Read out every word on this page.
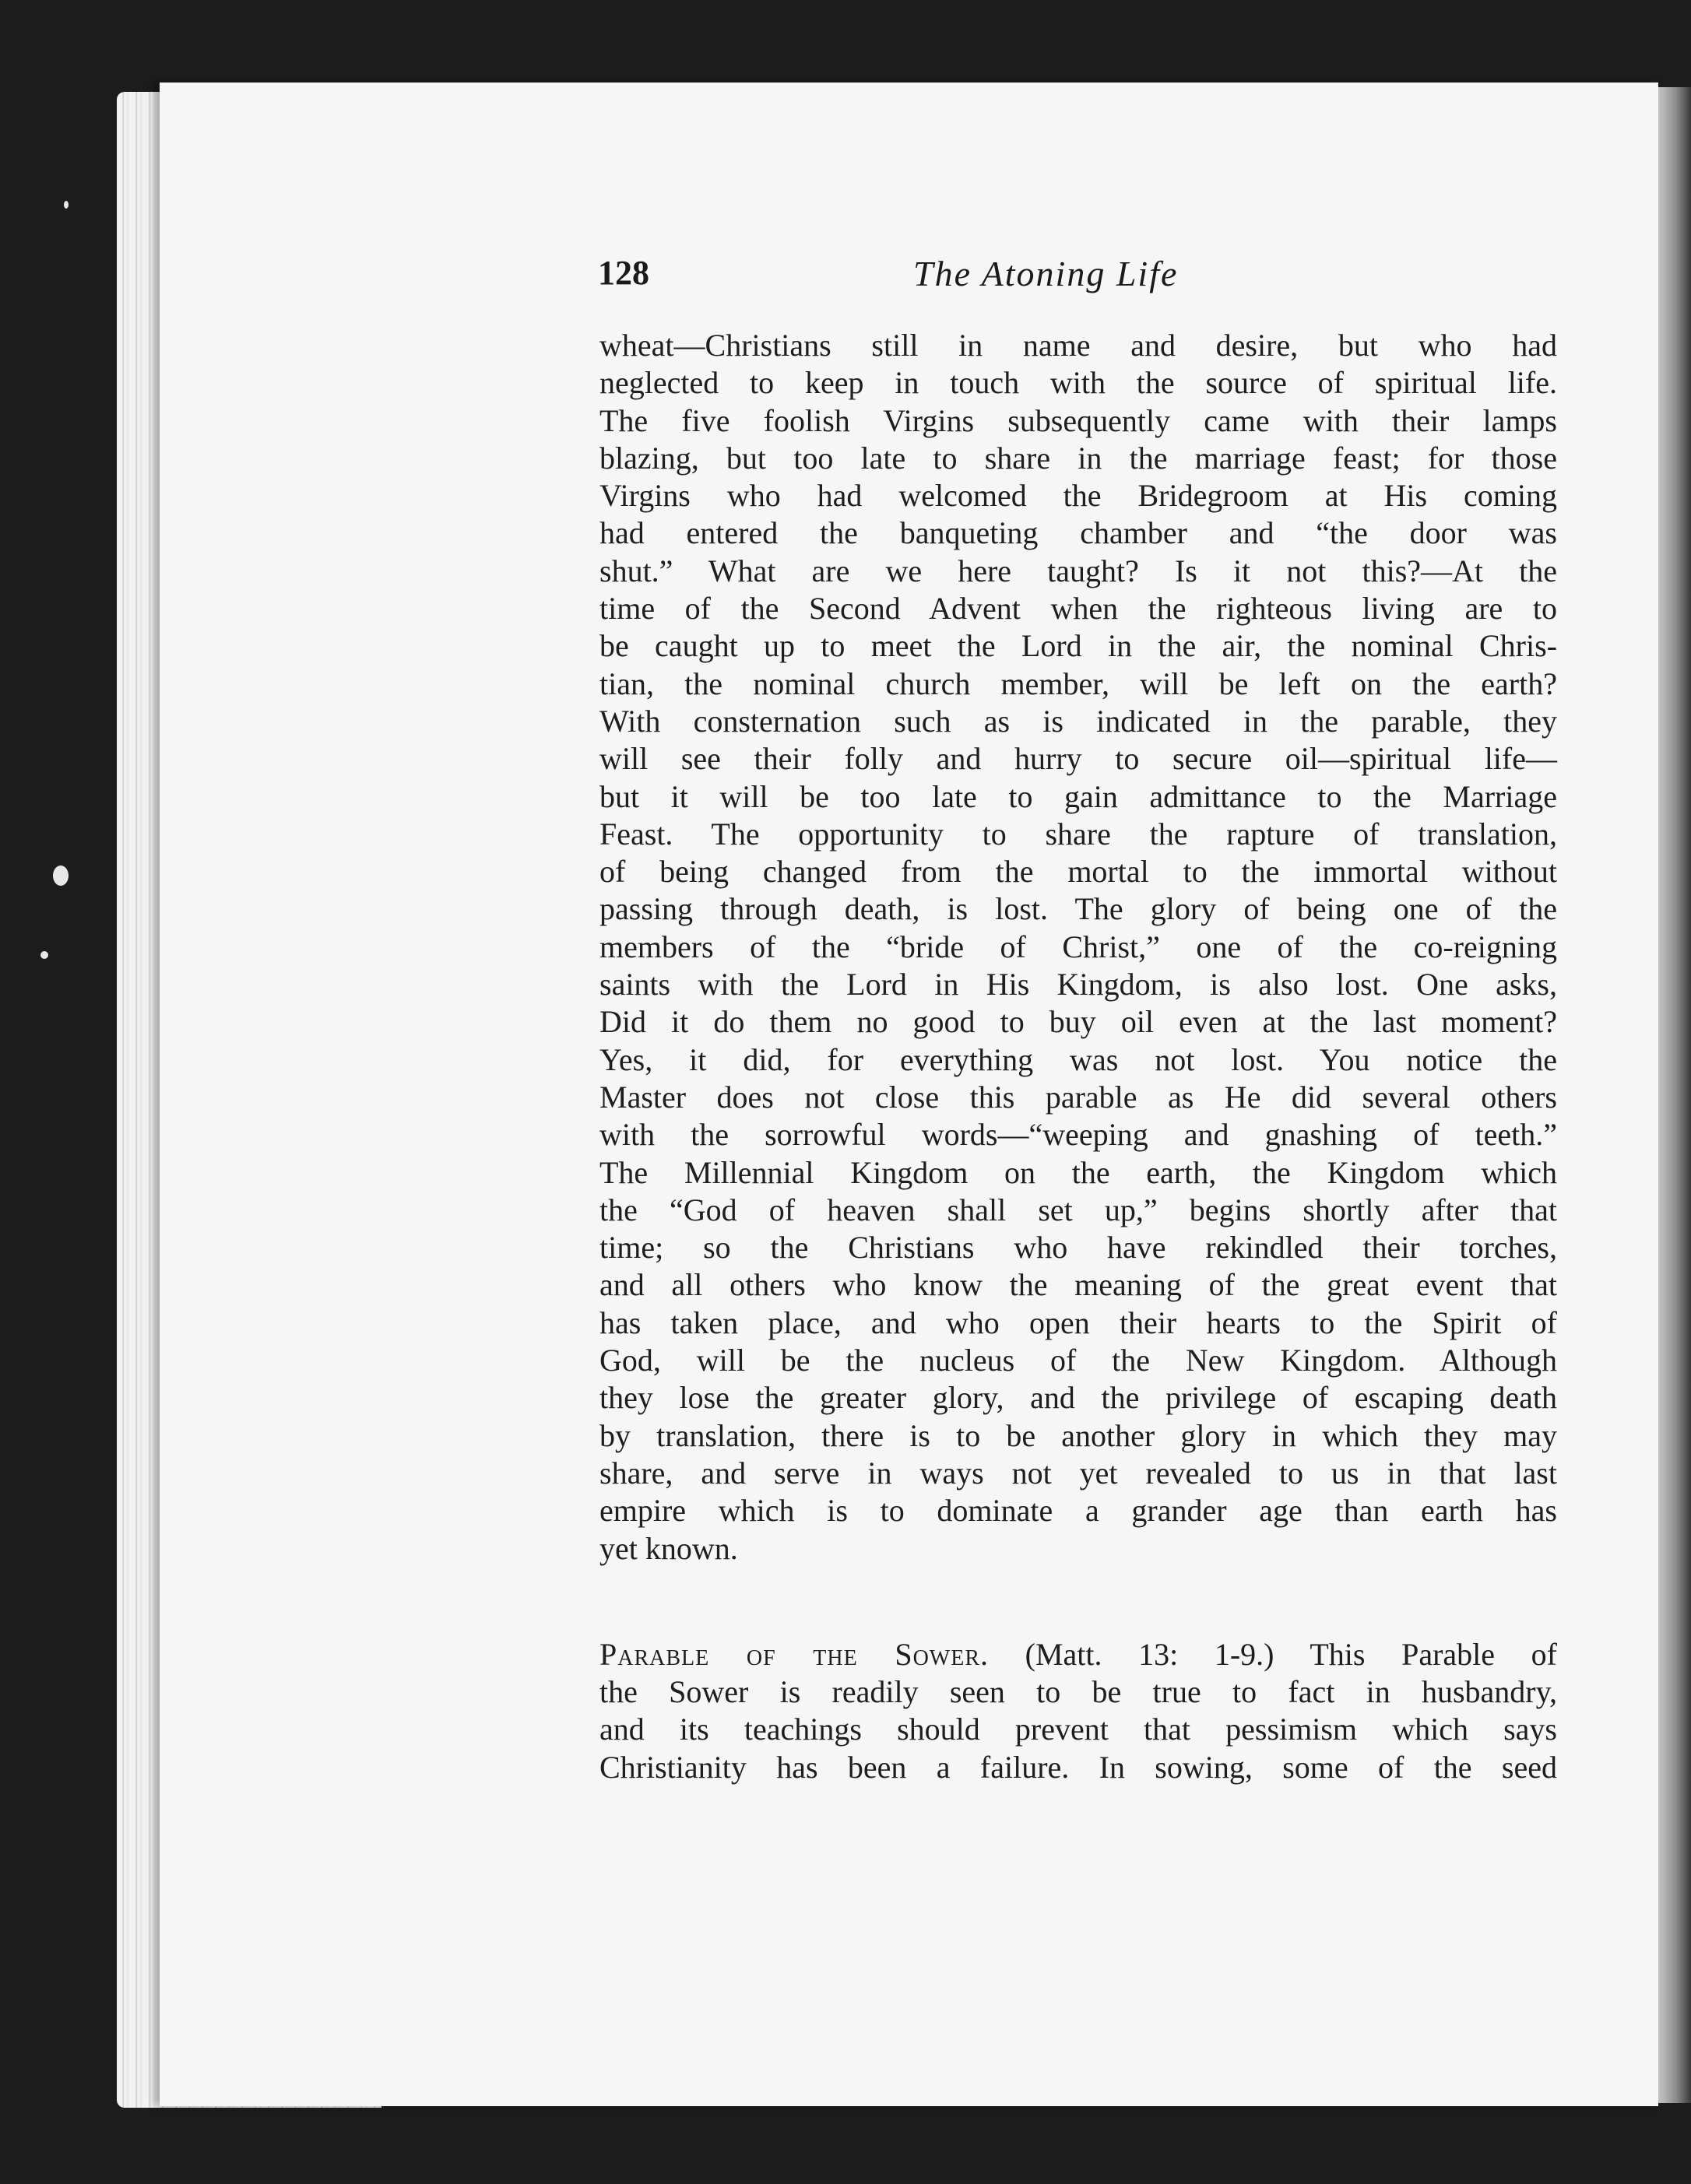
128	The Atoning Life
wheat—Christians still in name and desire, but who had
neglected to keep in touch with the source of spiritual life.
The five foolish Virgins subsequently came with their lamps
blazing, but too late to share in the marriage feast; for those
Virgins who had welcomed the Bridegroom at His coming
had entered the banqueting chamber and “the door was
shut.” What are we here taught? Is it not this?—At the
time of the Second Advent when the righteous living are to
be caught up to meet the Lord in the air, the nominal Chris-
tian, the nominal church member, will be left on the earth?
With consternation such as is indicated in the parable, they
will see their folly and hurry to secure oil—spiritual life—
but it will be too late to gain admittance to the Marriage
Feast. The opportunity to share the rapture of translation,
of being changed from the mortal to the immortal without
passing through death, is lost. The glory of being one of the
members of the “bride of Christ,” one of the co-reigning
saints with the Lord in His Kingdom, is also lost. One asks,
Did it do them no good to buy oil even at the last moment?
Yes, it did, for everything was not lost. You notice the
Master does not close this parable as He did several others
with the sorrowful words—“weeping and gnashing of teeth.”
The Millennial Kingdom on the earth, the Kingdom which
the “God of heaven shall set up,” begins shortly after that
time; so the Christians who have rekindled their torches,
and all others who know the meaning of the great event that
has taken place, and who open their hearts to the Spirit of
God, will be the nucleus of the New Kingdom. Although
they lose the greater glory, and the privilege of escaping death
by translation, there is to be another glory in which they may
share, and serve in ways not yet revealed to us in that last
empire which is to dominate a grander age than earth has
yet known.
Parable of the Sower. (Matt. 13: 1-9.) This Parable of
the Sower is readily seen to be true to fact in husbandry,
and its teachings should prevent that pessimism which says
Christianity has been a failure. In sowing, some of the seed
